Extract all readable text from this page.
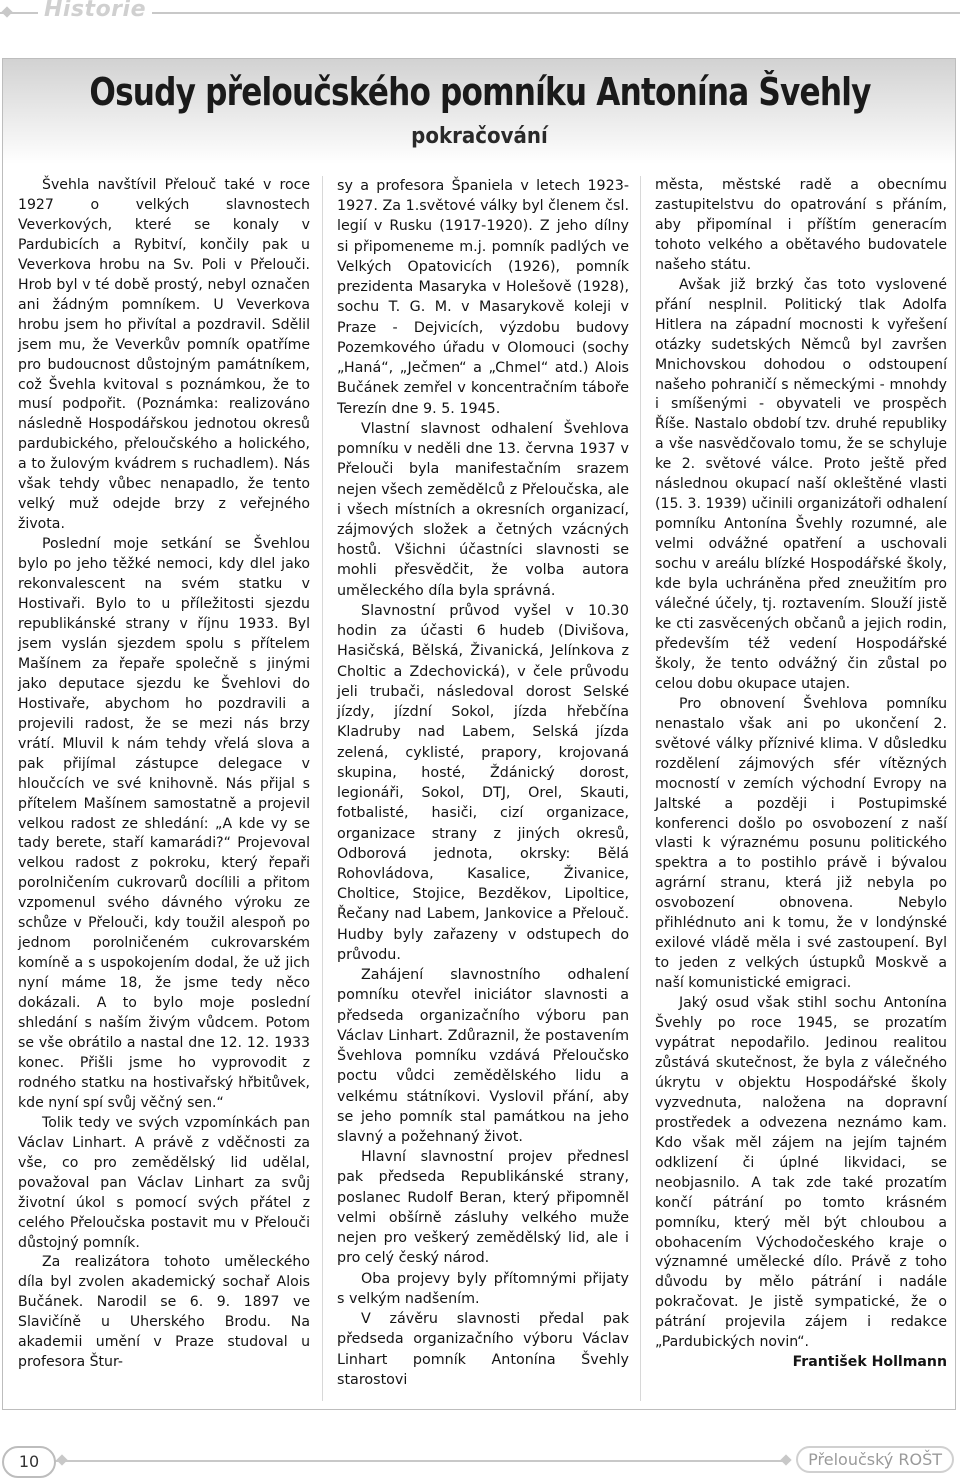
Historie
Osudy přeloučského pomníku Antonína Švehly
pokračování

Švehla navštívil Přelouč také v roce 1927 o velkých slavnostech Veverkových, které se konaly v Pardubicích a Rybitví, končily pak u Veverkova hrobu na Sv. Poli v Přelouči. Hrob byl v té době prostý, nebyl označen ani žádným pomníkem. U Veverkova hrobu jsem ho přivítal a pozdravil. Sdělil jsem mu, že Veverkův pomník opatříme pro budoucnost důstojným památníkem, což Švehla kvitoval s poznámkou, že to musí podpořit. (Poznámka: realizováno následně Hospodářskou jednotou okresů pardubického, přeloučského a holického, a to žulovým kvádrem s ruchadlem). Nás však tehdy vůbec nenapadlo, že tento velký muž odejde brzy z veřejného života.

Poslední moje setkání se Švehlou bylo po jeho těžké nemoci, kdy dlel jako rekonvalescent na svém statku v Hostivaři. Bylo to u příležitosti sjezdu republikánské strany v říjnu 1933. Byl jsem vyslán sjezdem spolu s přítelem Mašínem za řepaře společně s jinými jako deputace sjezdu ke Švehlovi do Hostivaře, abychom ho pozdravili a projevili radost, že se mezi nás brzy vrátí. Mluvil k nám tehdy vřelá slova a pak přijímal zástupce delegace v hloučcích ve své knihovně. Nás přijal s přítelem Mašínem samostatně a projevil velkou radost ze shledání: „A kde vy se tady berete, staří kamarádi?“ Projevoval velkou radost z pokroku, který řepaři porolničením cukrovarů docílili a přitom vzpomenul svého dávného výroku ze schůze v Přelouči, kdy toužil alespoň po jednom porolničeném cukrovarském komíně a s uspokojením dodal, že už jich nyní máme 18, že jsme tedy něco dokázali. A to bylo moje poslední shledání s naším živým vůdcem. Potom se vše obrátilo a nastal dne 12. 12. 1933 konec. Přišli jsme ho vyprovodit z rodného statku na hostivařský hřbitůvek, kde nyní spí svůj věčný sen.“

Tolik tedy ve svých vzpomínkách pan Václav Linhart. A právě z vděčnosti za vše, co pro zemědělský lid udělal, považoval pan Václav Linhart za svůj životní úkol s pomocí svých přátel z celého Přeloučska postavit mu v Přelouči důstojný pomník.

Za realizátora tohoto uměleckého díla byl zvolen akademický sochař Alois Bučánek. Narodil se 6. 9. 1897 ve Slavičíně u Uherského Brodu. Na akademii umění v Praze studoval u profesora Štur-

sy a profesora Španiela v letech 1923-1927. Za 1.světové války byl členem čsl. legií v Rusku (1917-1920). Z jeho dílny si připomeneme m.j. pomník padlých ve Velkých Opatovicích (1926), pomník prezidenta Masaryka v Holešově (1928), sochu T. G. M. v Masarykově koleji v Praze - Dejvicích, výzdobu budovy Pozemkového úřadu v Olomouci (sochy „Haná“, „Ječmen“ a „Chmel“ atd.) Alois Bučánek zemřel v koncentračním táboře Terezín dne 9. 5. 1945.

Vlastní slavnost odhalení Švehlova pomníku v neděli dne 13. června 1937 v Přelouči byla manifestačním srazem nejen všech zemědělců z Přeloučska, ale i všech místních a okresních organizací, zájmových složek a četných vzácných hostů. Všichni účastníci slavnosti se mohli přesvědčit, že volba autora uměleckého díla byla správná.

Slavnostní průvod vyšel v 10.30 hodin za účasti 6 hudeb (Divišova, Hasičská, Bělská, Živanická, Jelínkova z Choltic a Zdechovická), v čele průvodu jeli trubači, následoval dorost Selské jízdy, jízdní Sokol, jízda hřebčína Kladruby nad Labem, Selská jízda zelená, cyklisté, prapory, krojovaná skupina, hosté, Ždánický dorost, legionáři, Sokol, DTJ, Orel, Skauti, fotbalisté, hasiči, cizí organizace, organizace strany z jiných okresů, Odborová jednota, okrsky: Bělá Rohovládova, Kasalice, Živanice, Choltice, Stojice, Bezděkov, Lipoltice, Řečany nad Labem, Jankovice a Přelouč. Hudby byly zařazeny v odstupech do průvodu.

Zahájení slavnostního odhalení pomníku otevřel iniciátor slavnosti a předseda organizačního výboru pan Václav Linhart. Zdůraznil, že postavením Švehlova pomníku vzdává Přeloučsko poctu vůdci zemědělského lidu a velkému státníkovi. Vyslovil přání, aby se jeho pomník stal památkou na jeho slavný a požehnaný život.

Hlavní slavnostní projev přednesl pak předseda Republikánské strany, poslanec Rudolf Beran, který připomněl velmi obšírně zásluhy velkého muže nejen pro veškerý zemědělský lid, ale i pro celý český národ.

Oba projevy byly přítomnými přijaty s velkým nadšením.

V závěru slavnosti předal pak předseda organizačního výboru Václav Linhart pomník Antonína Švehly starostovi

města, městské radě a obecnímu zastupitelstvu do opatrování s přáním, aby připomínal i příštím generacím tohoto velkého a obětavého budovatele našeho státu.

Avšak již brzký čas toto vyslovené přání nesplnil. Politický tlak Adolfa Hitlera na západní mocnosti k vyřešení otázky sudetských Němců byl završen Mnichovskou dohodou o odstoupení našeho pohraničí s německými - mnohdy i smíšenými - obyvateli ve prospěch Říše. Nastalo období tzv. druhé republiky a vše nasvědčovalo tomu, že se schyluje ke 2. světové válce. Proto ještě před následnou okupací naší okleštěné vlasti (15. 3. 1939) učinili organizátoři odhalení pomníku Antonína Švehly rozumné, ale velmi odvážné opatření a uschovali sochu v areálu blízké Hospodářské školy, kde byla uchráněna před zneužitím pro válečné účely, tj. roztavením. Slouží jistě ke cti zasvěcených občanů a jejich rodin, především též vedení Hospodářské školy, že tento odvážný čin zůstal po celou dobu okupace utajen.

Pro obnovení Švehlova pomníku nenastalo však ani po ukončení 2. světové války příznivé klima. V důsledku rozdělení zájmových sfér vítězných mocností v zemích východní Evropy na Jaltské a později i Postupimské konferenci došlo po osvobození z naší vlasti k výraznému posunu politického spektra a to postihlo právě i bývalou agrární stranu, která již nebyla po osvobození obnovena. Nebylo přihlédnuto ani k tomu, že v londýnské exilové vládě měla i své zastoupení. Byl to jeden z velkých ústupků Moskvě a naší komunistické emigraci.

Jaký osud však stihl sochu Antonína Švehly po roce 1945, se prozatím vypátrat nepodařilo. Jedinou realitou zůstává skutečnost, že byla z válečného úkrytu v objektu Hospodářské školy vyzvednuta, naložena na dopravní prostředek a odvezena neznámo kam. Kdo však měl zájem na jejím tajném odklizení či úplné likvidaci, se neobjasnilo. A tak zde také prozatím končí pátrání po tomto krásném pomníku, který měl být chloubou a obohacením Východočeského kraje o významné umělecké dílo. Právě z toho důvodu by mělo pátrání i nadále pokračovat. Je jistě sympatické, že o pátrání projevila zájem i redakce „Pardubických novin“.

František Hollmann
10	Přeloučský ROŠT
